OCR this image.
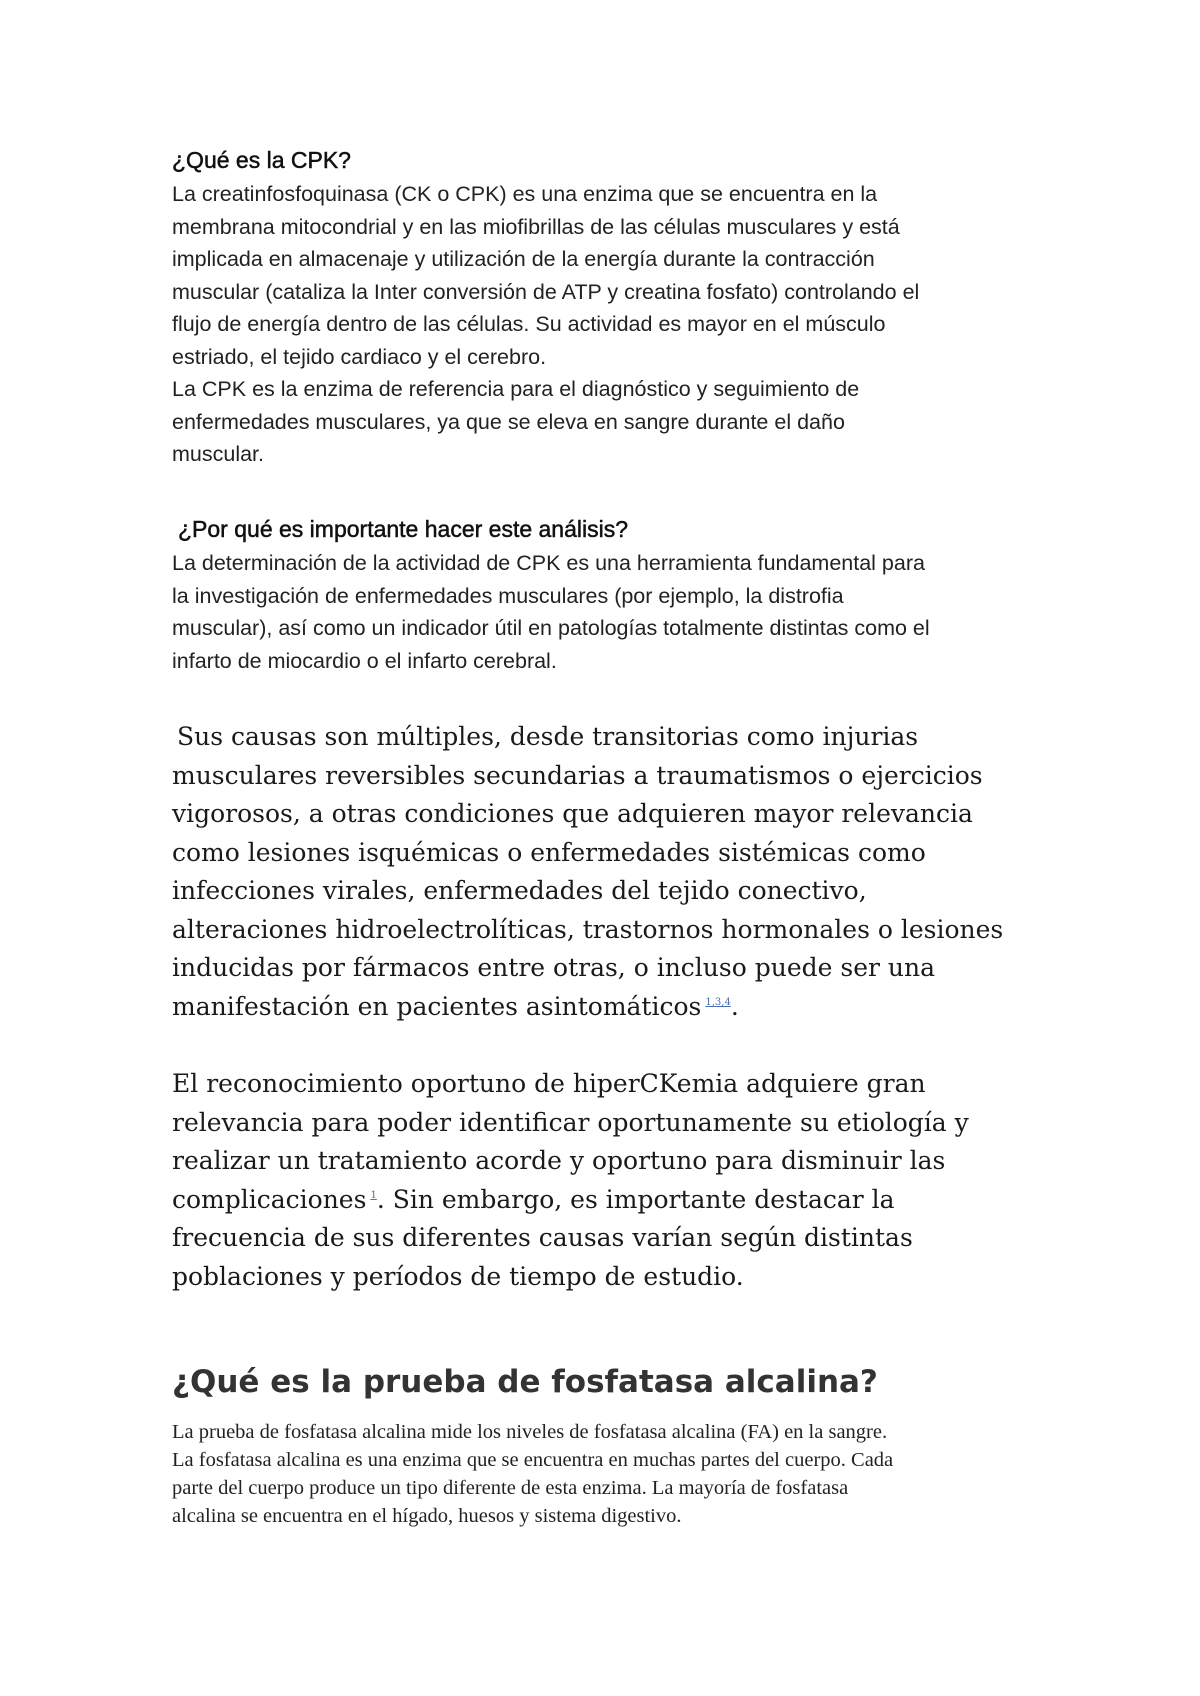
¿Qué es la CPK?
La creatinfosfoquinasa (CK o CPK) es una enzima que se encuentra en la
membrana mitocondrial y en las miofibrillas de las células musculares y está
implicada en almacenaje y utilización de la energía durante la contracción
muscular (cataliza la Inter conversión de ATP y creatina fosfato) controlando el
flujo de energía dentro de las células. Su actividad es mayor en el músculo
estriado, el tejido cardiaco y el cerebro.
La CPK es la enzima de referencia para el diagnóstico y seguimiento de
enfermedades musculares, ya que se eleva en sangre durante el daño
muscular.
¿Por qué es importante hacer este análisis?
La determinación de la actividad de CPK es una herramienta fundamental para
la investigación de enfermedades musculares (por ejemplo, la distrofia
muscular), así como un indicador útil en patologías totalmente distintas como el
infarto de miocardio o el infarto cerebral.
Sus causas son múltiples, desde transitorias como injurias
musculares reversibles secundarias a traumatismos o ejercicios
vigorosos, a otras condiciones que adquieren mayor relevancia
como lesiones isquémicas o enfermedades sistémicas como
infecciones virales, enfermedades del tejido conectivo,
alteraciones hidroelectrolíticas, trastornos hormonales o lesiones
inducidas por fármacos entre otras, o incluso puede ser una
manifestación en pacientes asintomáticos $^{1,3,4}$.
El reconocimiento oportuno de hiperCKemia adquiere gran
relevancia para poder identificar oportunamente su etiología y
realizar un tratamiento acorde y oportuno para disminuir las
complicaciones $^1$. Sin embargo, es importante destacar la
frecuencia de sus diferentes causas varían según distintas
poblaciones y períodos de tiempo de estudio.
¿Qué es la prueba de fosfatasa alcalina?
La prueba de fosfatasa alcalina mide los niveles de fosfatasa alcalina (FA) en la sangre.
La fosfatasa alcalina es una enzima que se encuentra en muchas partes del cuerpo. Cada
parte del cuerpo produce un tipo diferente de esta enzima. La mayoría de fosfatasa
alcalina se encuentra en el hígado, huesos y sistema digestivo.
